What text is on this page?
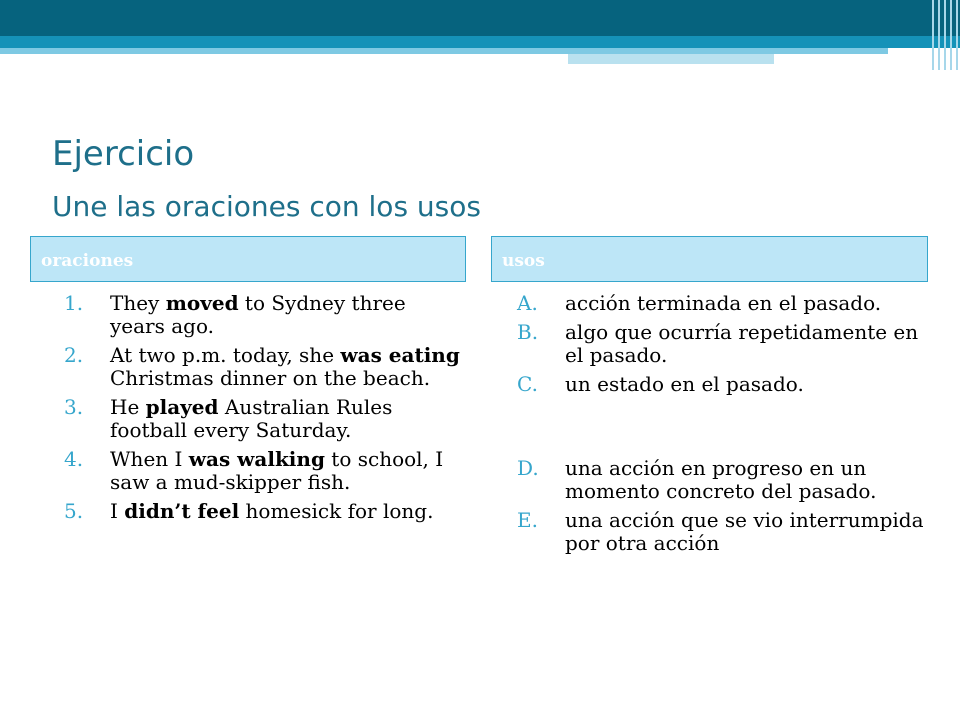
Ejercicio
Une las oraciones con los usos
oraciones	usos
1. They moved to Sydney three years ago.
2. At two p.m. today, she was eating Christmas dinner on the beach.
3. He played Australian Rules football every Saturday.
4. When I was walking to school, I saw a mud-skipper fish.
5. I didn’t feel homesick for long.
A. acción terminada en el pasado.
B. algo que ocurría repetidamente en el pasado.
C. un estado en el pasado.
D. una acción en progreso en un momento concreto del pasado.
E. una acción que se vio interrumpida por otra acción
